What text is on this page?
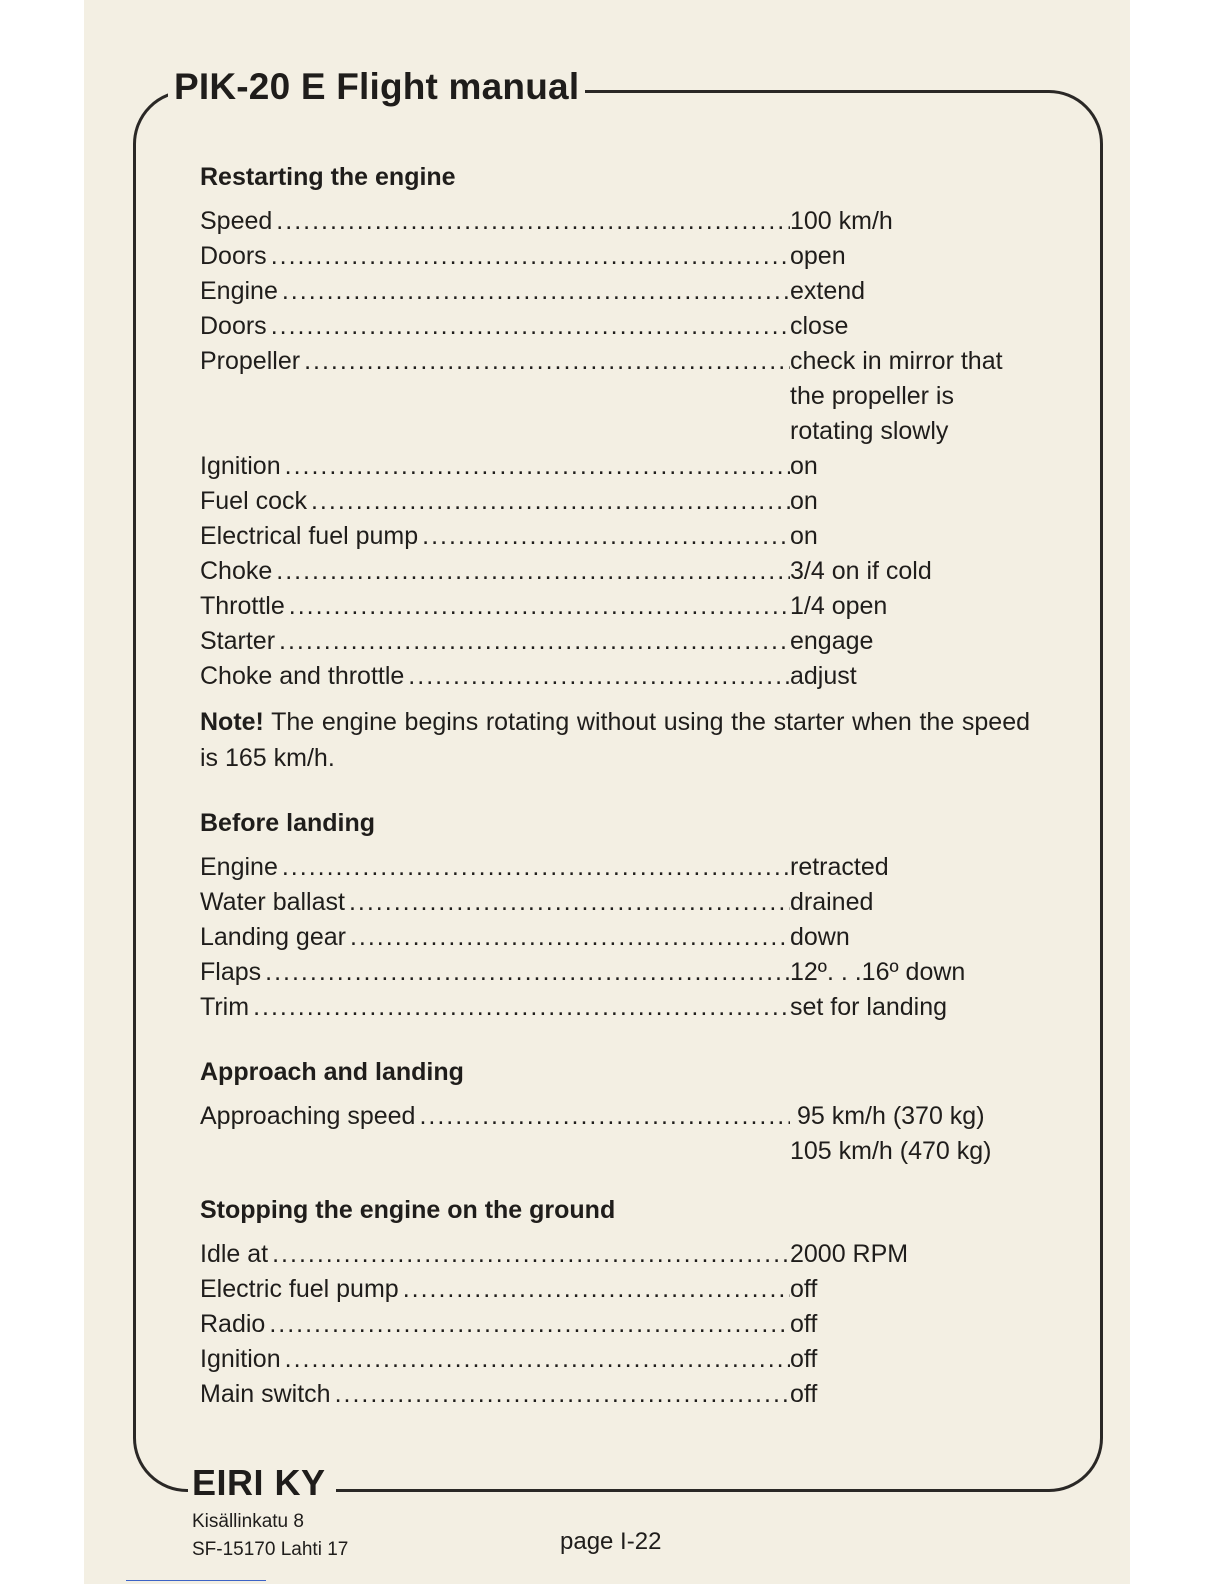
PIK-20 E Flight manual
Restarting the engine
Speed .....	100 km/h
Doors .....	open
Engine .....	extend
Doors .....	close
Propeller .....	check in mirror that
the propeller is
rotating slowly
Ignition .....	on
Fuel cock .....	on
Electrical fuel pump .....	on
Choke .....	3/4 on if cold
Throttle .....	1/4 open
Starter .....	engage
Choke and throttle .....	adjust

Note! The engine begins rotating without using the starter when the speed is 165 km/h.

Before landing
Engine .....	retracted
Water ballast .....	drained
Landing gear .....	down
Flaps .....	12º. . .16º down
Trim .....	set for landing
Approach and landing
Approaching speed .....	95 km/h (370 kg)
105 km/h (470 kg)
Stopping the engine on the ground
Idle at .....	2000 RPM
Electric fuel pump .....	off
Radio .....	off
Ignition .....	off
Main switch .....	off
EIRI KY
Kisällinkatu 8
SF-15170 Lahti 17	page I-22
